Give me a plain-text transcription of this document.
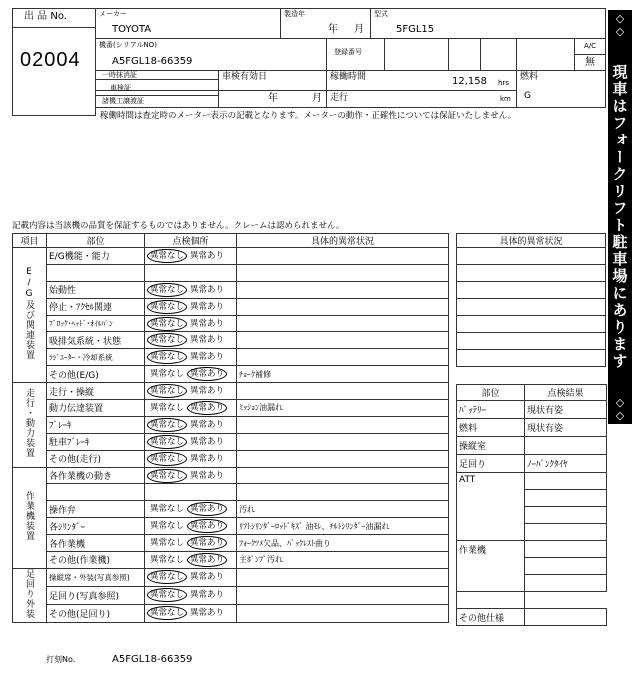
出 品 No.
02004
メーカー
TOYOTA
製造年
年 月
型式
5FGL15
機番(シリアルNO)
A5FGL18-66359
登録番号
A/C
無
一時抹消証
車検証
諸機工譲渡証
車検有効日
年	月
稼働時間	12,158 hrs
走行	km
燃料
G
稼働時間は査定時のメーター表示の記載となります。メーターの動作・正確性については保証いたしません。
◇◇
現車はフォークリフト駐車場にあります
◇◇
記載内容は当該機の品質を保証するものではありません。クレームは認められません。
項目	部位	点検個所	具体的異常状況
E/G及び関連装置	E/G機能・能力	異常なし 異常あり	

	始動性	異常なし 異常あり	
	停止・ｱｸｾﾙ関連	異常なし 異常あり	
	ﾌﾞﾛｯｸ･ﾍｯﾄﾞ･ｵｲﾙﾊﾟﾝ	異常なし 異常あり	
	吸排気系統・状態	異常なし 異常あり	
	ﾗｼﾞｴｰﾀｰ・冷却系統	異常なし 異常あり	
	その他(E/G)	異常なし 異常あり	ﾁｮｰｸ補修
走行・動力装置	走行・操縦	異常なし 異常あり	
	動力伝達装置	異常なし 異常あり	ﾐｯｼｮﾝ油漏れ
	ﾌﾞﾚｰｷ	異常なし 異常あり	
	駐車ﾌﾞﾚｰｷ	異常なし 異常あり	
	その他(走行)	異常なし 異常あり	
作業機装置	各作業機の動き	異常なし 異常あり	

	操作弁	異常なし 異常あり	汚れ
	各ｼﾘﾝﾀﾞｰ	異常なし 異常あり	ﾘﾌﾄｼﾘﾝﾀﾞｰﾛｯﾄﾞｷｽﾞ 油ﾓﾚ、ﾁﾙﾄｼﾘﾝﾀﾞｰ油漏れ
	各作業機	異常なし 異常あり	ﾌｫｰｸﾂﾒ欠品、ﾊﾞｯｸﾚｽﾄ曲り
	その他(作業機)	異常なし 異常あり	主ﾎﾟﾝﾌﾟ汚れ
足回り外装	操縦席・外装(写真参照)	異常なし 異常あり	
	足回り(写真参照)	異常なし 異常あり	
	その他(足回り)	異常なし 異常あり	
具体的異常状況

部位	点検結果
ﾊﾞｯﾃﾘｰ	現状有姿
燃料	現状有姿
操縦室	
足回り	ﾉｰﾊﾟﾝｸﾀｲﾔ
ATT	

作業機	

その他仕様	
打刻No.	A5FGL18-66359
